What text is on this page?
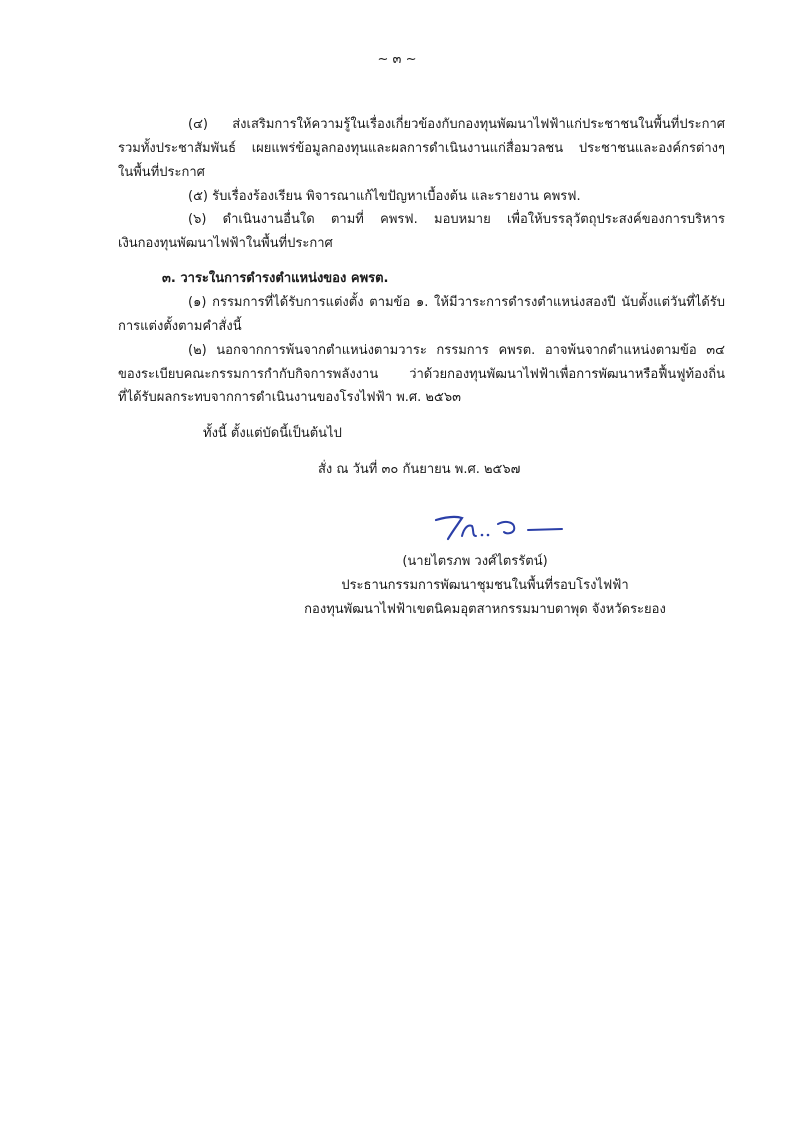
~ ๓ ~
(๔) ส่งเสริมการให้ความรู้ในเรื่องเกี่ยวข้องกับกองทุนพัฒนาไฟฟ้าแก่ประชาชนในพื้นที่ประกาศ
รวมทั้งประชาสัมพันธ์ เผยแพร่ข้อมูลกองทุนและผลการดำเนินงานแก่สื่อมวลชน ประชาชนและองค์กรต่างๆ
ในพื้นที่ประกาศ
(๕) รับเรื่องร้องเรียน พิจารณาแก้ไขปัญหาเบื้องต้น และรายงาน คพรฟ.
(๖) ดำเนินงานอื่นใด ตามที่ คพรฟ. มอบหมาย เพื่อให้บรรลุวัตถุประสงค์ของการบริหาร
เงินกองทุนพัฒนาไฟฟ้าในพื้นที่ประกาศ
๓. วาระในการดำรงตำแหน่งของ คพรต.
(๑) กรรมการที่ได้รับการแต่งตั้ง ตามข้อ ๑. ให้มีวาระการดำรงตำแหน่งสองปี นับตั้งแต่วันที่ได้รับ
การแต่งตั้งตามคำสั่งนี้
(๒) นอกจากการพ้นจากตำแหน่งตามวาระ กรรมการ คพรต. อาจพ้นจากตำแหน่งตามข้อ ๓๔
ของระเบียบคณะกรรมการกำกับกิจการพลังงาน ว่าด้วยกองทุนพัฒนาไฟฟ้าเพื่อการพัฒนาหรือฟื้นฟูท้องถิ่น
ที่ได้รับผลกระทบจากการดำเนินงานของโรงไฟฟ้า พ.ศ. ๒๕๖๓
ทั้งนี้ ตั้งแต่บัดนี้เป็นต้นไป
สั่ง ณ วันที่ ๓๐ กันยายน พ.ศ. ๒๕๖๗
(นายไตรภพ วงศ์ไตรรัตน์)
ประธานกรรมการพัฒนาชุมชนในพื้นที่รอบโรงไฟฟ้า
กองทุนพัฒนาไฟฟ้าเขตนิคมอุตสาหกรรมมาบตาพุด จังหวัดระยอง
